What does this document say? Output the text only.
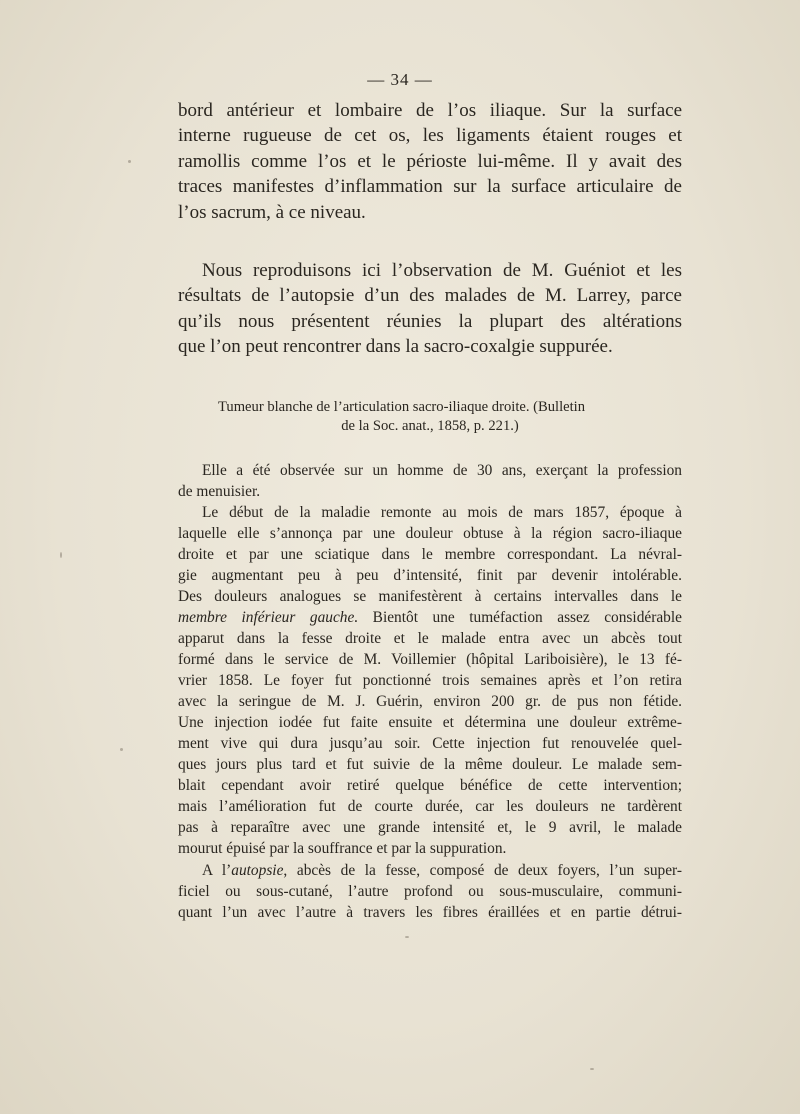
— 34 —
bord antérieur et lombaire de l’os iliaque. Sur la surface
interne rugueuse de cet os, les ligaments étaient rouges et
ramollis comme l’os et le périoste lui-même. Il y avait des
traces manifestes d’inflammation sur la surface articulaire de
l’os sacrum, à ce niveau.
Nous reproduisons ici l’observation de M. Guéniot et les
résultats de l’autopsie d’un des malades de M. Larrey, parce
qu’ils nous présentent réunies la plupart des altérations
que l’on peut rencontrer dans la sacro-coxalgie suppurée.
Tumeur blanche de l’articulation sacro-iliaque droite. (Bulletin
de la Soc. anat., 1858, p. 221.)
Elle a été observée sur un homme de 30 ans, exerçant la profession
de menuisier.
Le début de la maladie remonte au mois de mars 1857, époque à
laquelle elle s’annonça par une douleur obtuse à la région sacro-iliaque
droite et par une sciatique dans le membre correspondant. La névral-
gie augmentant peu à peu d’intensité, finit par devenir intolérable.
Des douleurs analogues se manifestèrent à certains intervalles dans le
membre inférieur gauche. Bientôt une tuméfaction assez considérable
apparut dans la fesse droite et le malade entra avec un abcès tout
formé dans le service de M. Voillemier (hôpital Lariboisière), le 13 fé-
vrier 1858. Le foyer fut ponctionné trois semaines après et l’on retira
avec la seringue de M. J. Guérin, environ 200 gr. de pus non fétide.
Une injection iodée fut faite ensuite et détermina une douleur extrême-
ment vive qui dura jusqu’au soir. Cette injection fut renouvelée quel-
ques jours plus tard et fut suivie de la même douleur. Le malade sem-
blait cependant avoir retiré quelque bénéfice de cette intervention;
mais l’amélioration fut de courte durée, car les douleurs ne tardèrent
pas à reparaître avec une grande intensité et, le 9 avril, le malade
mourut épuisé par la souffrance et par la suppuration.
A l’autopsie, abcès de la fesse, composé de deux foyers, l’un super-
ficiel ou sous-cutané, l’autre profond ou sous-musculaire, communi-
quant l’un avec l’autre à travers les fibres éraillées et en partie détrui-
